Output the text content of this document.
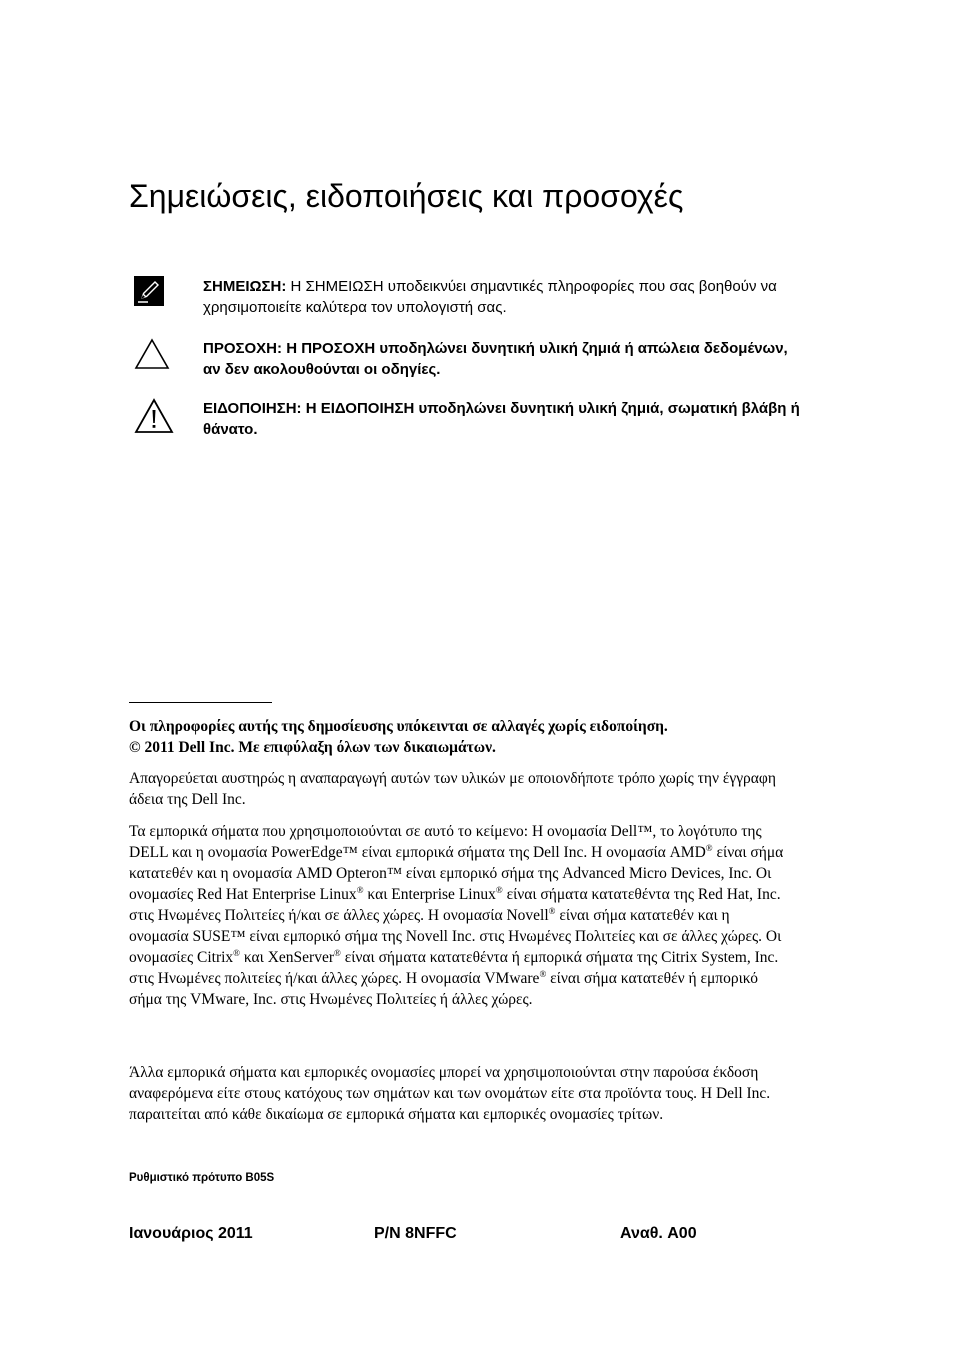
Σημειώσεις, ειδοποιήσεις και προσοχές
ΣΗΜΕΙΩΣΗ: Η ΣΗΜΕΙΩΣΗ υποδεικνύει σημαντικές πληροφορίες που σας βοηθούν να χρησιμοποιείτε καλύτερα τον υπολογιστή σας.
ΠΡΟΣΟΧΗ: Η ΠΡΟΣΟΧΗ υποδηλώνει δυνητική υλική ζημιά ή απώλεια δεδομένων, αν δεν ακολουθούνται οι οδηγίες.
ΕΙΔΟΠΟΙΗΣΗ: Η ΕΙΔΟΠΟΙΗΣΗ υποδηλώνει δυνητική υλική ζημιά, σωματική βλάβη ή θάνατο.

Οι πληροφορίες αυτής της δημοσίευσης υπόκεινται σε αλλαγές χωρίς ειδοποίηση.
© 2011 Dell Inc. Με επιφύλαξη όλων των δικαιωμάτων.

Απαγορεύεται αυστηρώς η αναπαραγωγή αυτών των υλικών με οποιονδήποτε τρόπο χωρίς την έγγραφη άδεια της Dell Inc.

Τα εμπορικά σήματα που χρησιμοποιούνται σε αυτό το κείμενο: Η ονομασία Dell™, το λογότυπο της DELL και η ονομασία PowerEdge™ είναι εμπορικά σήματα της Dell Inc. Η ονομασία AMD® είναι σήμα κατατεθέν και η ονομασία AMD Opteron™ είναι εμπορικό σήμα της Advanced Micro Devices, Inc. Οι ονομασίες Red Hat Enterprise Linux® και Enterprise Linux® είναι σήματα κατατεθέντα της Red Hat, Inc. στις Ηνωμένες Πολιτείες ή/και σε άλλες χώρες. Η ονομασία Novell® είναι σήμα κατατεθέν και η ονομασία SUSE™ είναι εμπορικό σήμα της Novell Inc. στις Ηνωμένες Πολιτείες και σε άλλες χώρες. Οι ονομασίες Citrix® και XenServer® είναι σήματα κατατεθέντα ή εμπορικά σήματα της Citrix System, Inc. στις Ηνωμένες πολιτείες ή/και άλλες χώρες. Η ονομασία VMware® είναι σήμα κατατεθέν ή εμπορικό σήμα της VMware, Inc. στις Ηνωμένες Πολιτείες ή άλλες χώρες.

Άλλα εμπορικά σήματα και εμπορικές ονομασίες μπορεί να χρησιμοποιούνται στην παρούσα έκδοση αναφερόμενα είτε στους κατόχους των σημάτων και των ονομάτων είτε στα προϊόντα τους. Η Dell Inc. παραιτείται από κάθε δικαίωμα σε εμπορικά σήματα και εμπορικές ονομασίες τρίτων.

Ρυθμιστικό πρότυπο B05S
Ιανουάριος 2011	P/N 8NFFC	Αναθ. A00
